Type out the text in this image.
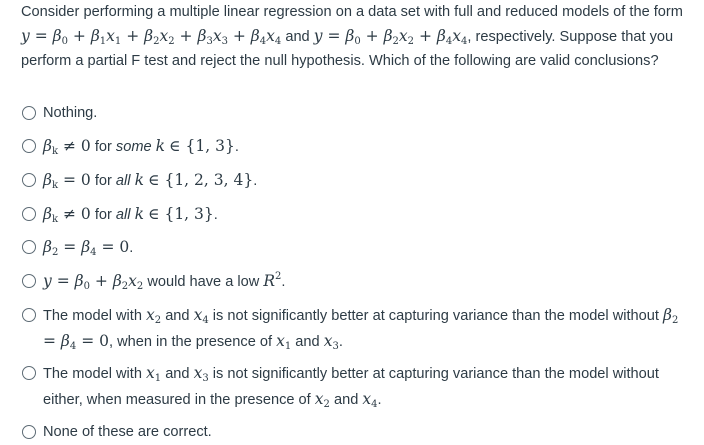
Consider performing a multiple linear regression on a data set with full and reduced models of the form $y = \beta_0 + \beta_1x_1 + \beta_2x_2 + \beta_3x_3 + \beta_4x_4$ and $y = \beta_0 + \beta_2x_2 + \beta_4x_4$, respectively. Suppose that you perform a partial F test and reject the null hypothesis. Which of the following are valid conclusions?
Nothing.
$\beta_k \ne 0$ for some k ∈ {1, 3}.
$\beta_k = 0$ for all k ∈ {1, 2, 3, 4}.
$\beta_k \ne 0$ for all k ∈ {1, 3}.
$\beta_2 = \beta_4 = 0$.
$y = \beta_0 + \beta_2x_2$ would have a low $R^2$.
The model with $x_2$ and $x_4$ is not significantly better at capturing variance than the model without $\beta_2 = \beta_4 = 0$, when in the presence of $x_1$ and $x_3$.
The model with $x_1$ and $x_3$ is not significantly better at capturing variance than the model without either, when measured in the presence of $x_2$ and $x_4$.
None of these are correct.
